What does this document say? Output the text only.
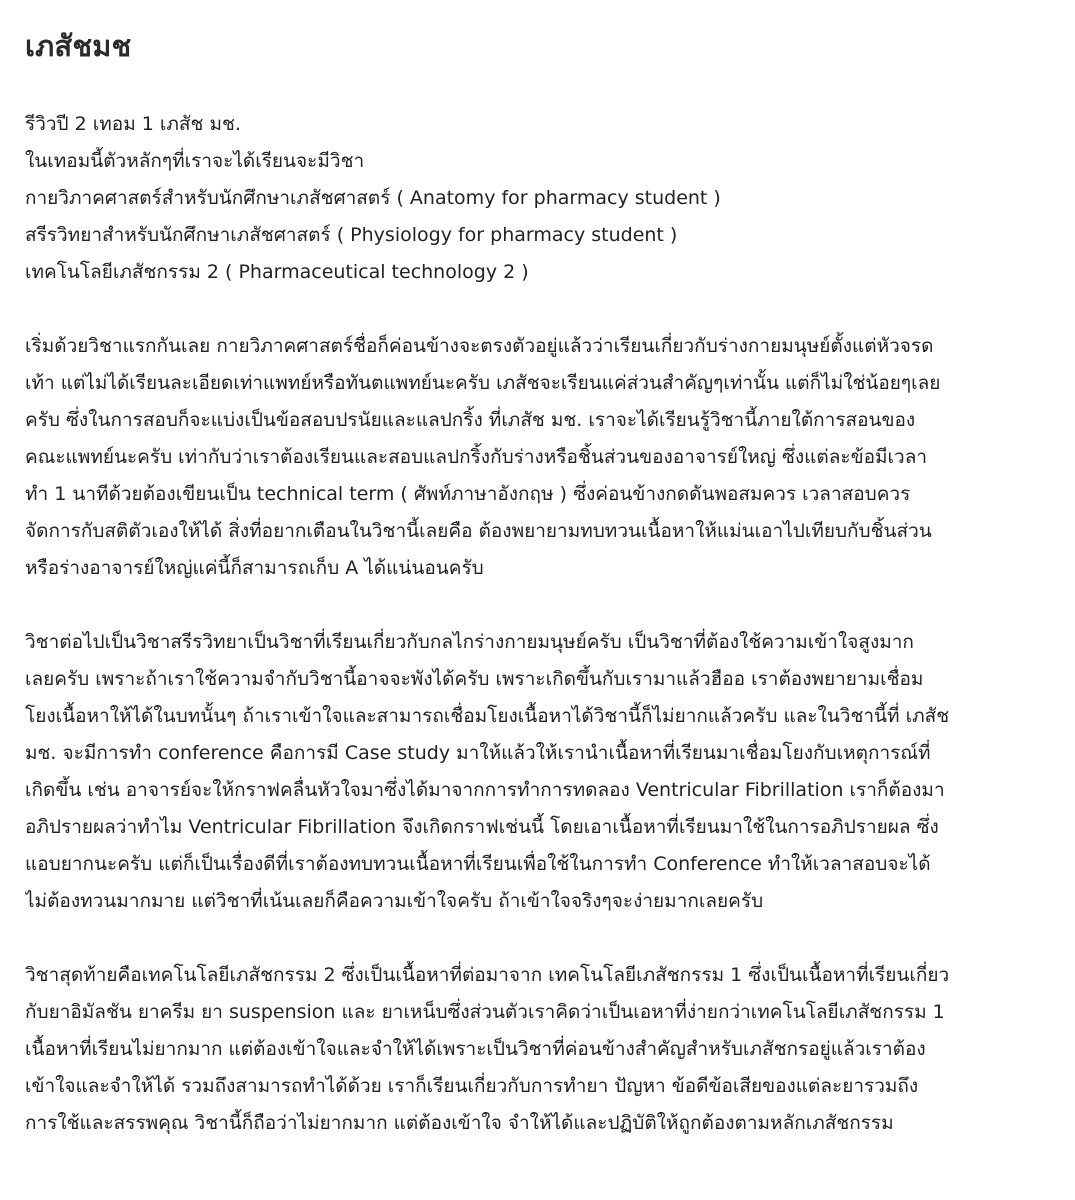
เภสัชมช
รีวิวปี 2 เทอม 1 เภสัช มช.
ในเทอมนี้ตัวหลักๆที่เราจะได้เรียนจะมีวิชา
กายวิภาคศาสตร์สำหรับนักศึกษาเภสัชศาสตร์ ( Anatomy for pharmacy student )
สรีรวิทยาสำหรับนักศึกษาเภสัชศาสตร์ ( Physiology for pharmacy student )
เทคโนโลยีเภสัชกรรม 2 ( Pharmaceutical technology 2 )
เริ่มด้วยวิชาแรกกันเลย กายวิภาคศาสตร์ชื่อก็ค่อนข้างจะตรงตัวอยู่แล้วว่าเรียนเกี่ยวกับร่างกายมนุษย์ตั้งแต่หัวจรด
เท้า แต่ไม่ได้เรียนละเอียดเท่าแพทย์หรือทันตแพทย์นะครับ เภสัชจะเรียนแค่ส่วนสำคัญๆเท่านั้น แต่ก็ไม่ใช่น้อยๆเลย
ครับ ซึ่งในการสอบก็จะแบ่งเป็นข้อสอบปรนัยและแลปกริ้ง ที่เภสัช มช. เราจะได้เรียนรู้วิชานี้ภายใต้การสอนของ
คณะแพทย์นะครับ เท่ากับว่าเราต้องเรียนและสอบแลปกริ้งกับร่างหรือชิ้นส่วนของอาจารย์ใหญ่ ซึ่งแต่ละข้อมีเวลา
ทำ 1 นาทีด้วยต้องเขียนเป็น technical term ( ศัพท์ภาษาอังกฤษ ) ซึ่งค่อนข้างกดดันพอสมควร เวลาสอบควร
จัดการกับสติตัวเองให้ได้ สิ่งที่อยากเตือนในวิชานี้เลยคือ ต้องพยายามทบทวนเนื้อหาให้แม่นเอาไปเทียบกับชิ้นส่วน
หรือร่างอาจารย์ใหญ่แค่นี้ก็สามารถเก็บ A ได้แน่นอนครับ
วิชาต่อไปเป็นวิชาสรีรวิทยาเป็นวิชาที่เรียนเกี่ยวกับกลไกร่างกายมนุษย์ครับ เป็นวิชาที่ต้องใช้ความเข้าใจสูงมาก
เลยครับ เพราะถ้าเราใช้ความจำกับวิชานี้อาจจะพังได้ครับ เพราะเกิดขึ้นกับเรามาแล้วฮืออ เราต้องพยายามเชื่อม
โยงเนื้อหาให้ได้ในบทนั้นๆ ถ้าเราเข้าใจและสามารถเชื่อมโยงเนื้อหาได้วิชานี้ก็ไม่ยากแล้วครับ และในวิชานี้ที่ เภสัช
มช. จะมีการทำ conference คือการมี Case study มาให้แล้วให้เรานำเนื้อหาที่เรียนมาเชื่อมโยงกับเหตุการณ์ที่
เกิดขึ้น เช่น อาจารย์จะให้กราฟคลื่นหัวใจมาซึ่งได้มาจากการทำการทดลอง Ventricular Fibrillation เราก็ต้องมา
อภิปรายผลว่าทำไม Ventricular Fibrillation จึงเกิดกราฟเช่นนี้ โดยเอาเนื้อหาที่เรียนมาใช้ในการอภิปรายผล ซึ่ง
แอบยากนะครับ แต่ก็เป็นเรื่องดีที่เราต้องทบทวนเนื้อหาที่เรียนเพื่อใช้ในการทำ Conference ทำให้เวลาสอบจะได้
ไม่ต้องทวนมากมาย แต่วิชาที่เน้นเลยก็คือความเข้าใจครับ ถ้าเข้าใจจริงๆจะง่ายมากเลยครับ
วิชาสุดท้ายคือเทคโนโลยีเภสัชกรรม 2 ซึ่งเป็นเนื้อหาที่ต่อมาจาก เทคโนโลยีเภสัชกรรม 1 ซึ่งเป็นเนื้อหาที่เรียนเกี่ยว
กับยาอิมัลชัน ยาครีม ยา suspension และ ยาเหน็บซึ่งส่วนตัวเราคิดว่าเป็นเอหาที่ง่ายกว่าเทคโนโลยีเภสัชกรรม 1
เนื้อหาที่เรียนไม่ยากมาก แต่ต้องเข้าใจและจำให้ได้เพราะเป็นวิชาที่ค่อนข้างสำคัญสำหรับเภสัชกรอยู่แล้วเราต้อง
เข้าใจและจำให้ได้ รวมถึงสามารถทำได้ด้วย เราก็เรียนเกี่ยวกับการทำยา ปัญหา ข้อดีข้อเสียของแต่ละยารวมถึง
การใช้และสรรพคุณ วิชานี้ก็ถือว่าไม่ยากมาก แต่ต้องเข้าใจ จำให้ได้และปฏิบัติให้ถูกต้องตามหลักเภสัชกรรม
